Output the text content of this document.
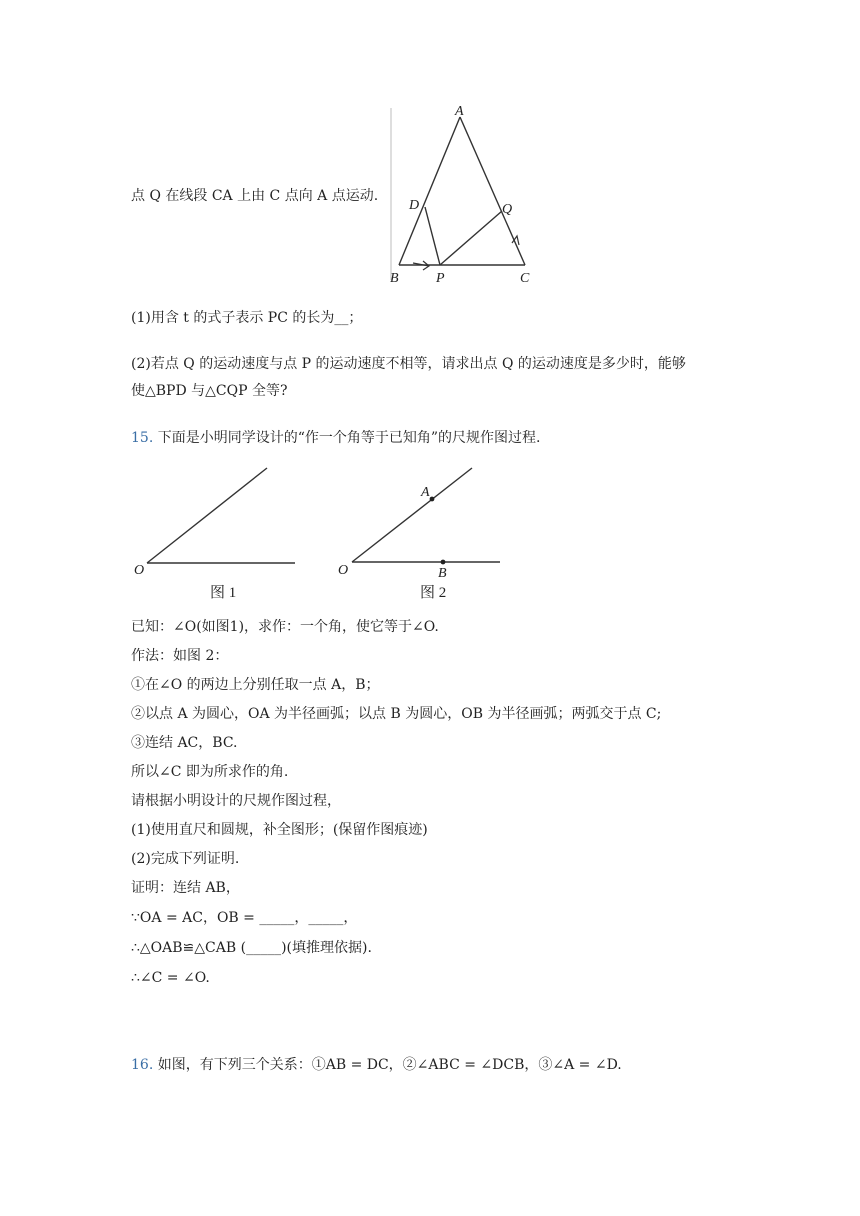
点 Q 在线段 CA 上由 C 点向 A 点运动.
A
D	Q
B	P	C
(1)用含 t 的式子表示 PC 的长为__；
(2)若点 Q 的运动速度与点 P 的运动速度不相等，请求出点 Q 的运动速度是多少时，能够
使△BPD 与△CQP 全等?
15. 下面是小明同学设计的“作一个角等于已知角”的尺规作图过程.
O
图 1
A
O	B
图 2
已知：∠O(如图1)，求作：一个角，使它等于∠O.
作法：如图 2：
①在∠O 的两边上分别任取一点 A，B；
②以点 A 为圆心，OA 为半径画弧；以点 B 为圆心，OB 为半径画弧；两弧交于点 C;
③连结 AC，BC.
所以∠C 即为所求作的角.
请根据小明设计的尺规作图过程，
(1)使用直尺和圆规，补全图形；(保留作图痕迹)
(2)完成下列证明.
证明：连结 AB，
∵OA = AC，OB = _____，_____，
∴△OAB≌△CAB (_____)(填推理依据).
∴∠C = ∠O.
16. 如图，有下列三个关系：①AB = DC，②∠ABC = ∠DCB，③∠A = ∠D.
